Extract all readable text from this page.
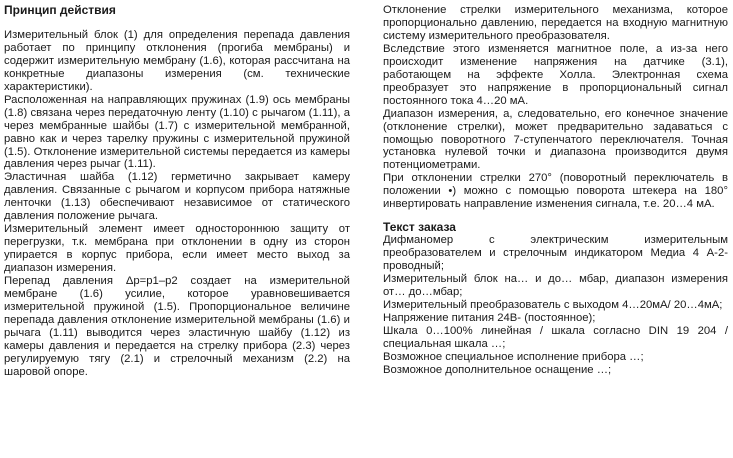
Принцип действия

Измерительный блок (1) для определения перепада давления работает по принципу отклонения (прогиба мембраны) и содержит измерительную мембрану (1.6), которая рассчитана на конкретные диапазоны измерения (см. технические характеристики).

Расположенная на направляющих пружинах (1.9) ось мембраны (1.8) связана через передаточную ленту (1.10) с рычагом (1.11), а через мембранные шайбы (1.7) с измерительной мембранной, равно как и через тарелку пружины с измерительной пружиной (1.5). Отклонение измерительной системы передается из камеры давления через рычаг (1.11).

Эластичная шайба (1.12) герметично закрывает камеру давления. Связанные с рычагом и корпусом прибора натяжные ленточки (1.13) обеспечивают независимое от статического давления положение рычага.

Измерительный элемент имеет одностороннюю защиту от перегрузки, т.к. мембрана при отклонении в одну из сторон упирается в корпус прибора, если имеет место выход за диапазон измерения.

Перепад давления Δp=p1–p2 создает на измерительной мембране (1.6) усилие, которое уравновешивается измерительной пружиной (1.5). Пропорциональное величине перепада давления отклонение измерительной мембраны (1.6) и рычага (1.11) выводится через эластичную шайбу (1.12) из камеры давления и передается на стрелку прибора (2.3) через регулируемую тягу (2.1) и стрелочный механизм (2.2) на шаровой опоре.

Отклонение стрелки измерительного механизма, которое пропорционально давлению, передается на входную магнитную систему измерительного преобразователя.

Вследствие этого изменяется магнитное поле, а из-за него происходит изменение напряжения на датчике (3.1), работающем на эффекте Холла. Электронная схема преобразует это напряжение в пропорциональный сигнал постоянного тока 4…20 мА.

Диапазон измерения, а, следовательно, его конечное значение (отклонение стрелки), может предварительно задаваться с помощью поворотного 7-ступенчатого переключателя. Точная установка нулевой точки и диапазона производится двумя потенциометрами.

При отклонении стрелки 270° (поворотный переключатель в положении •) можно с помощью поворота штекера на 180° инвертировать направление изменения сигнала, т.е. 20…4 мА.

Текст заказа

Дифманомер с электрическим измерительным преобразователем и стрелочным индикатором Медиа 4 А-2-проводный;

Измерительный блок на… и до… мбар, диапазон измерения от… до…мбар;

Измерительный преобразователь с выходом 4…20мА/ 20…4мА;

Напряжение питания 24В- (постоянное);

Шкала 0…100% линейная / шкала согласно DIN 19 204 / специальная шкала …;

Возможное специальное исполнение прибора …;

Возможное дополнительное оснащение …;
